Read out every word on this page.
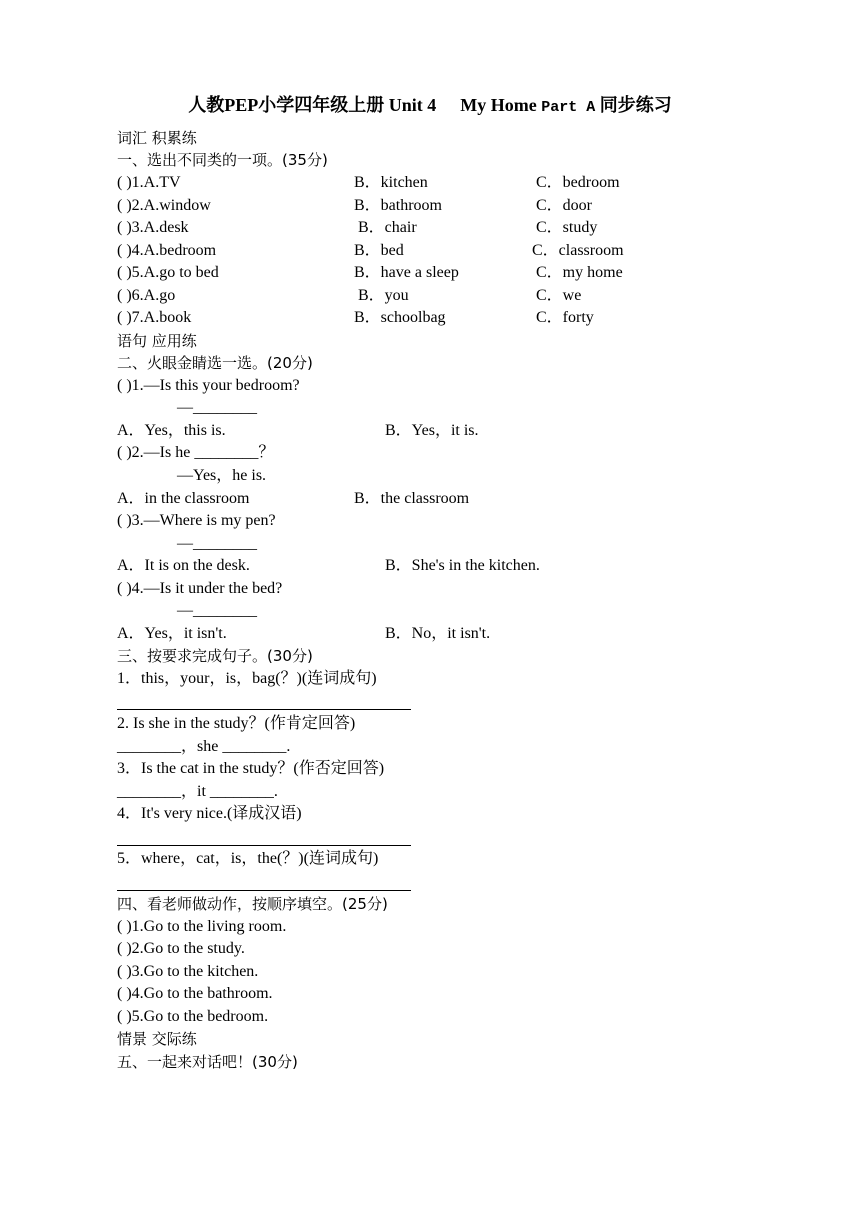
人教PEP小学四年级上册 Unit 4 My Home Part A 同步练习
词汇 积累练
一、选出不同类的一项。(35分)
( )1.A.TV	B．kitchen	C．bedroom
( )2.A.window	B．bathroom	C．door
( )3.A.desk	B．chair	C．study
( )4.A.bedroom	B．bed	C．classroom
( )5.A.go to bed	B．have a sleep	C．my home
( )6.A.go	B．you	C．we
( )7.A.book	B．schoolbag	C．forty
语句 应用练
二、火眼金睛选一选。(20分)
( )1.—Is this your bedroom?
—________
A．Yes，this is.	B．Yes，it is.
( )2.—Is he ________？
—Yes，he is.
A．in the classroom	B．the classroom
( )3.—Where is my pen?
—________
A．It is on the desk.	B．She's in the kitchen.
( )4.—Is it under the bed?
—________
A．Yes，it isn't.	B．No，it isn't.
三、按要求完成句子。(30分)
1．this，your，is，bag(？)(连词成句)
2. Is she in the study？(作肯定回答)
________，she ________.
3．Is the cat in the study？(作否定回答)
________，it ________.
4．It's very nice.(译成汉语)
5．where，cat，is，the(？)(连词成句)
四、看老师做动作，按顺序填空。(25分)
( )1.Go to the living room.
( )2.Go to the study.
( )3.Go to the kitchen.
( )4.Go to the bathroom.
( )5.Go to the bedroom.
情景 交际练
五、一起来对话吧！(30分)
